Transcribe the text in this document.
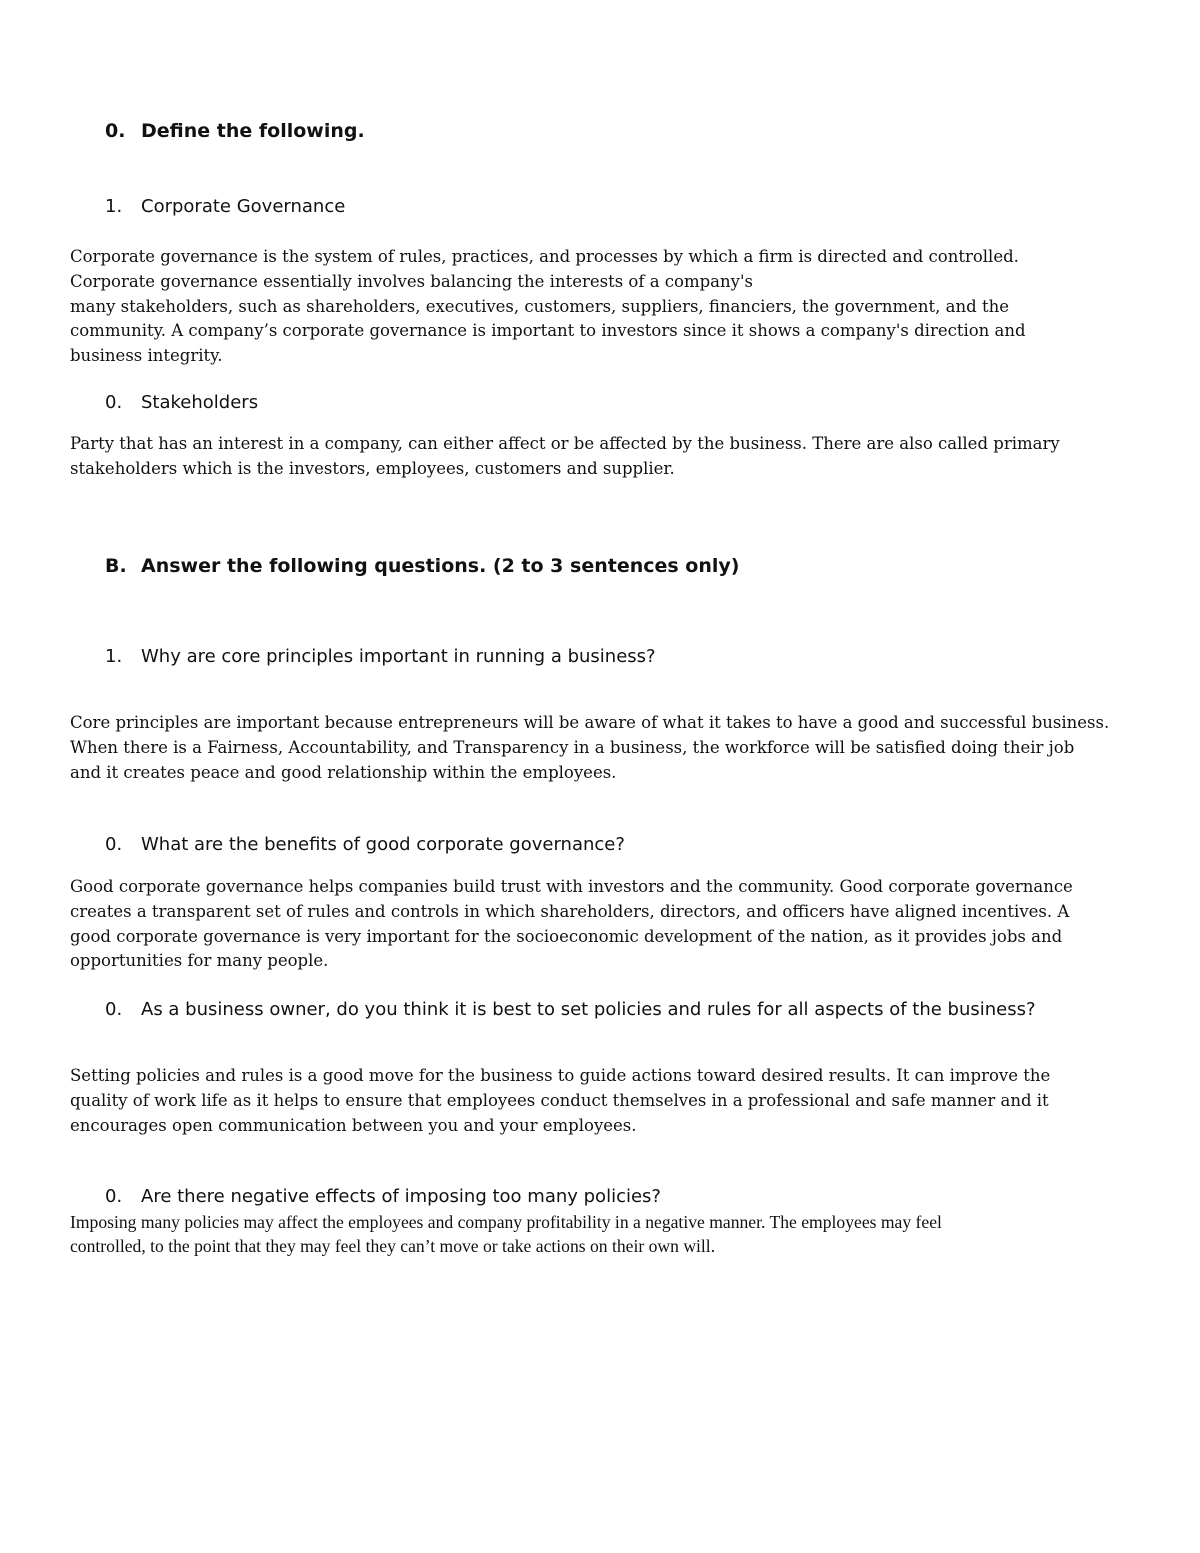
0. Define the following.
1. Corporate Governance
Corporate governance is the system of rules, practices, and processes by which a firm is directed and controlled.
Corporate governance essentially involves balancing the interests of a company's
many stakeholders, such as shareholders, executives, customers, suppliers, financiers, the government, and the
community. A company’s corporate governance is important to investors since it shows a company's direction and
business integrity.
0. Stakeholders
Party that has an interest in a company, can either affect or be affected by the business. There are also called primary
stakeholders which is the investors, employees, customers and supplier.
B. Answer the following questions. (2 to 3 sentences only)
1. Why are core principles important in running a business?
Core principles are important because entrepreneurs will be aware of what it takes to have a good and successful business.
When there is a Fairness, Accountability, and Transparency in a business, the workforce will be satisfied doing their job
and it creates peace and good relationship within the employees.
0. What are the benefits of good corporate governance?
Good corporate governance helps companies build trust with investors and the community. Good corporate governance
creates a transparent set of rules and controls in which shareholders, directors, and officers have aligned incentives. A
good corporate governance is very important for the socioeconomic development of the nation, as it provides jobs and
opportunities for many people.
0. As a business owner, do you think it is best to set policies and rules for all aspects of the business?
Setting policies and rules is a good move for the business to guide actions toward desired results. It can improve the
quality of work life as it helps to ensure that employees conduct themselves in a professional and safe manner and it
encourages open communication between you and your employees.
0. Are there negative effects of imposing too many policies?
Imposing many policies may affect the employees and company profitability in a negative manner. The employees may feel
controlled, to the point that they may feel they can’t move or take actions on their own will.
